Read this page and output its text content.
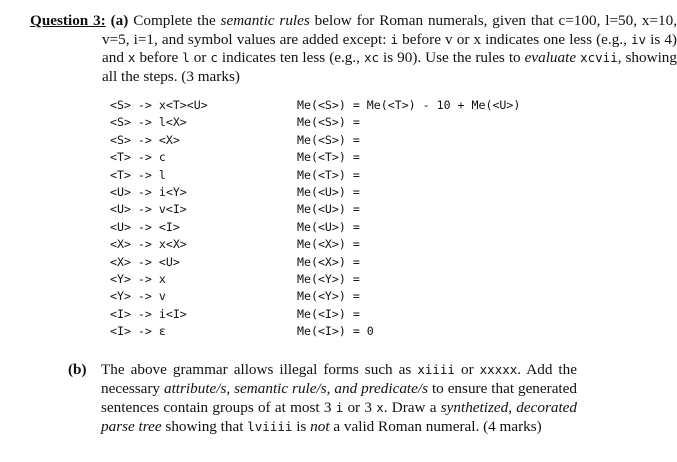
Question 3: (a) Complete the semantic rules below for Roman numerals, given that c=100, l=50, x=10, v=5, i=1, and symbol values are added except: i before v or x indicates one less (e.g., iv is 4) and x before l or c indicates ten less (e.g., xc is 90). Use the rules to evaluate xcvii, showing all the steps. (3 marks)
<S> -> x<T><U>	Me(<S>) = Me(<T>) - 10 + Me(<U>)
<S> -> l<X>	Me(<S>) =
<S> -> <X>	Me(<S>) =
<T> -> c	Me(<T>) =
<T> -> l	Me(<T>) =
<U> -> i<Y>	Me(<U>) =
<U> -> v<I>	Me(<U>) =
<U> -> <I>	Me(<U>) =
<X> -> x<X>	Me(<X>) =
<X> -> <U>	Me(<X>) =
<Y> -> x	Me(<Y>) =
<Y> -> v	Me(<Y>) =
<I> -> i<I>	Me(<I>) =
<I> -> ε	Me(<I>) = 0
(b) The above grammar allows illegal forms such as xiiii or xxxxx. Add the necessary attribute/s, semantic rule/s, and predicate/s to ensure that generated sentences contain groups of at most 3 i or 3 x. Draw a synthetized, decorated parse tree showing that lviiii is not a valid Roman numeral. (4 marks)
